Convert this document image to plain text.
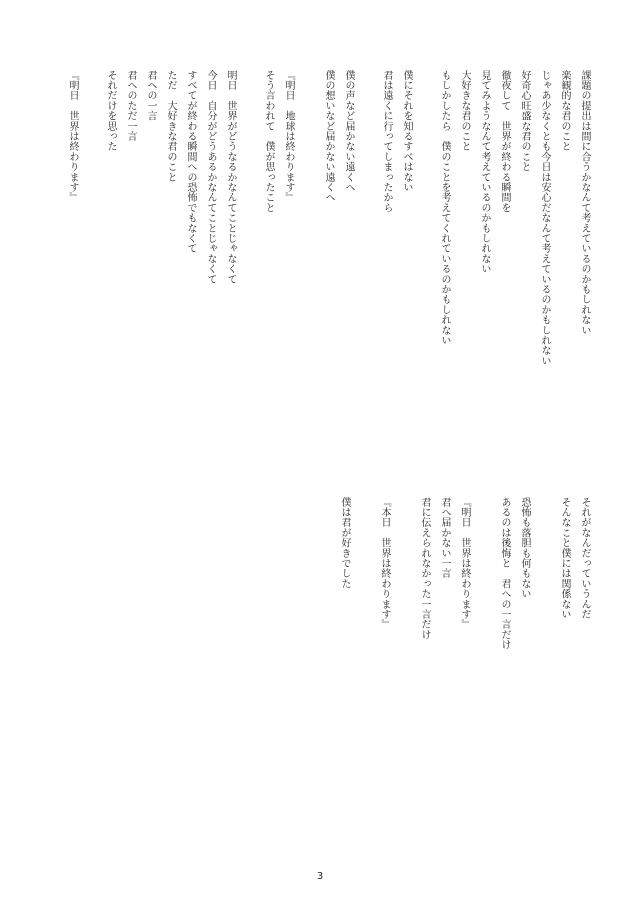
課題の提出は間に合うかなんて考えているのかもしれない
楽観的な君のこと
じゃあ少なくとも今日は安心だなんて考えているのかもしれない
好奇心旺盛な君のこと
徹夜して　世界が終わる瞬間を
見てみようなんて考えているのかもしれない
大好きな君のこと
もしかしたら　僕のことを考えてくれているのかもしれない
僕にそれを知るすべはない
君は遠くに行ってしまったから
僕の声など届かない遠くへ
僕の想いなど届かない遠くへ
『明日　地球は終わります』
そう言われて　僕が思ったこと
明日　世界がどうなるかなんてことじゃなくて
今日　自分がどうあるかなんてことじゃなくて
すべてが終わる瞬間への恐怖でもなくて
ただ　大好きな君のこと
君への一言
君へのただ一言
それだけを思った
『明日　世界は終わります』
それがなんだっていうんだ
そんなこと僕には関係ない
恐怖も落胆も何もない
あるのは後悔と　君への一言だけ
『明日　世界は終わります』
君へ届かない一言
君に伝えられなかった一言だけ
『本日　世界は終わります』
僕は君が好きでした
3
